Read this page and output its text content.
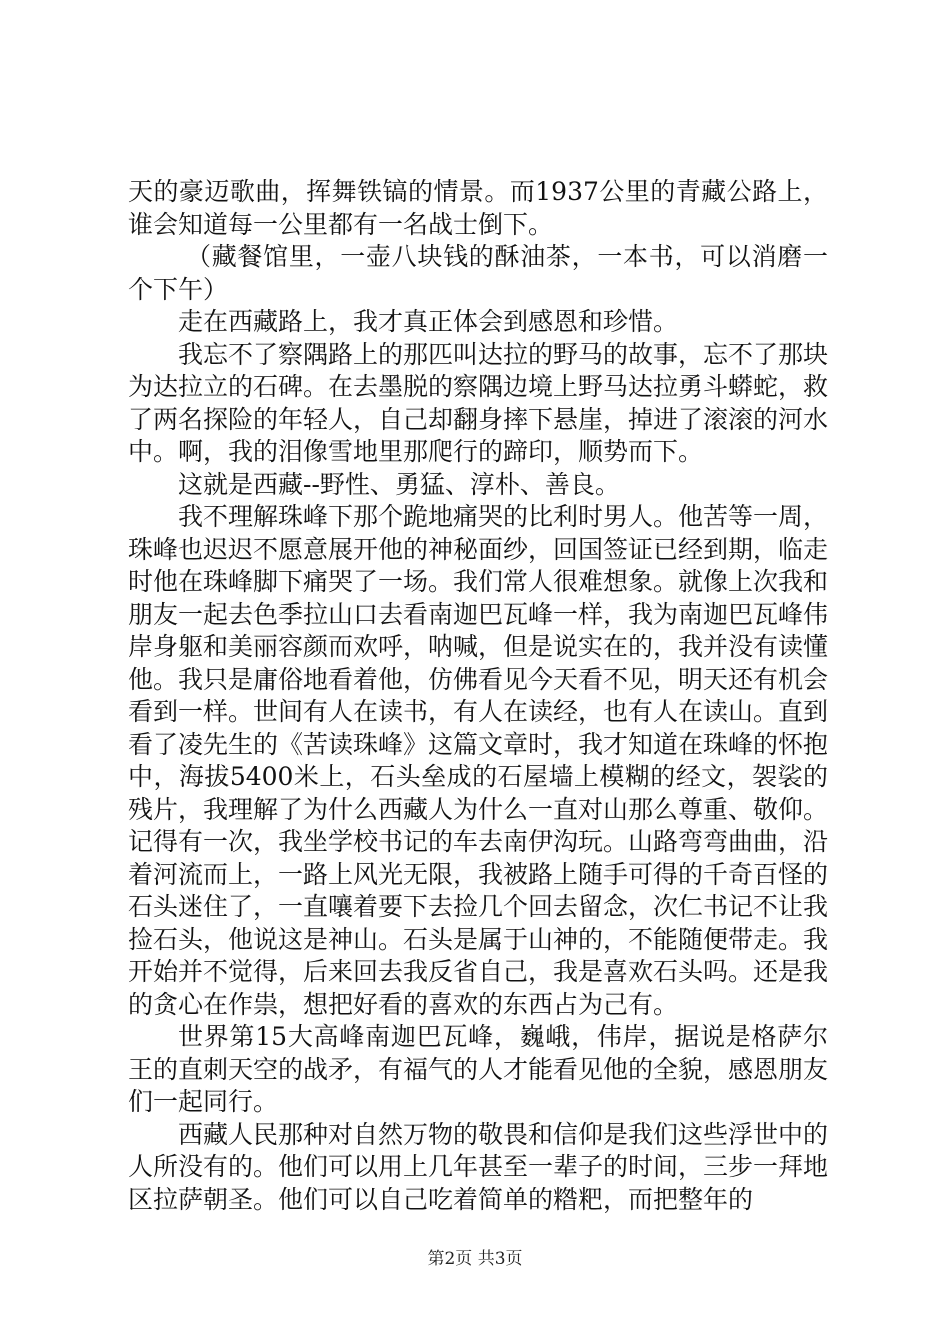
天的豪迈歌曲，挥舞铁镐的情景。而1937公里的青藏公路上，谁会知道每一公里都有一名战士倒下。

（藏餐馆里，一壶八块钱的酥油茶，一本书，可以消磨一个下午）

走在西藏路上，我才真正体会到感恩和珍惜。

我忘不了察隅路上的那匹叫达拉的野马的故事，忘不了那块为达拉立的石碑。在去墨脱的察隅边境上野马达拉勇斗蟒蛇，救了两名探险的年轻人，自己却翻身摔下悬崖，掉进了滚滚的河水中。啊，我的泪像雪地里那爬行的蹄印，顺势而下。

这就是西藏--野性、勇猛、淳朴、善良。

我不理解珠峰下那个跪地痛哭的比利时男人。他苦等一周，珠峰也迟迟不愿意展开他的神秘面纱，回国签证已经到期，临走时他在珠峰脚下痛哭了一场。我们常人很难想象。就像上次我和朋友一起去色季拉山口去看南迦巴瓦峰一样，我为南迦巴瓦峰伟岸身躯和美丽容颜而欢呼，呐喊，但是说实在的，我并没有读懂他。我只是庸俗地看着他，仿佛看见今天看不见，明天还有机会看到一样。世间有人在读书，有人在读经，也有人在读山。直到看了凌先生的《苦读珠峰》这篇文章时，我才知道在珠峰的怀抱中，海拔5400米上，石头垒成的石屋墙上模糊的经文，袈裟的残片，我理解了为什么西藏人为什么一直对山那么尊重、敬仰。记得有一次，我坐学校书记的车去南伊沟玩。山路弯弯曲曲，沿着河流而上，一路上风光无限，我被路上随手可得的千奇百怪的石头迷住了，一直嚷着要下去捡几个回去留念，次仁书记不让我捡石头，他说这是神山。石头是属于山神的，不能随便带走。我开始并不觉得，后来回去我反省自己，我是喜欢石头吗。还是我的贪心在作祟，想把好看的喜欢的东西占为己有。

世界第15大高峰南迦巴瓦峰，巍峨，伟岸，据说是格萨尔王的直刺天空的战矛，有福气的人才能看见他的全貌，感恩朋友们一起同行。

西藏人民那种对自然万物的敬畏和信仰是我们这些浮世中的人所没有的。他们可以用上几年甚至一辈子的时间，三步一拜地区拉萨朝圣。他们可以自己吃着简单的糌粑，而把整年的

第2页 共3页
